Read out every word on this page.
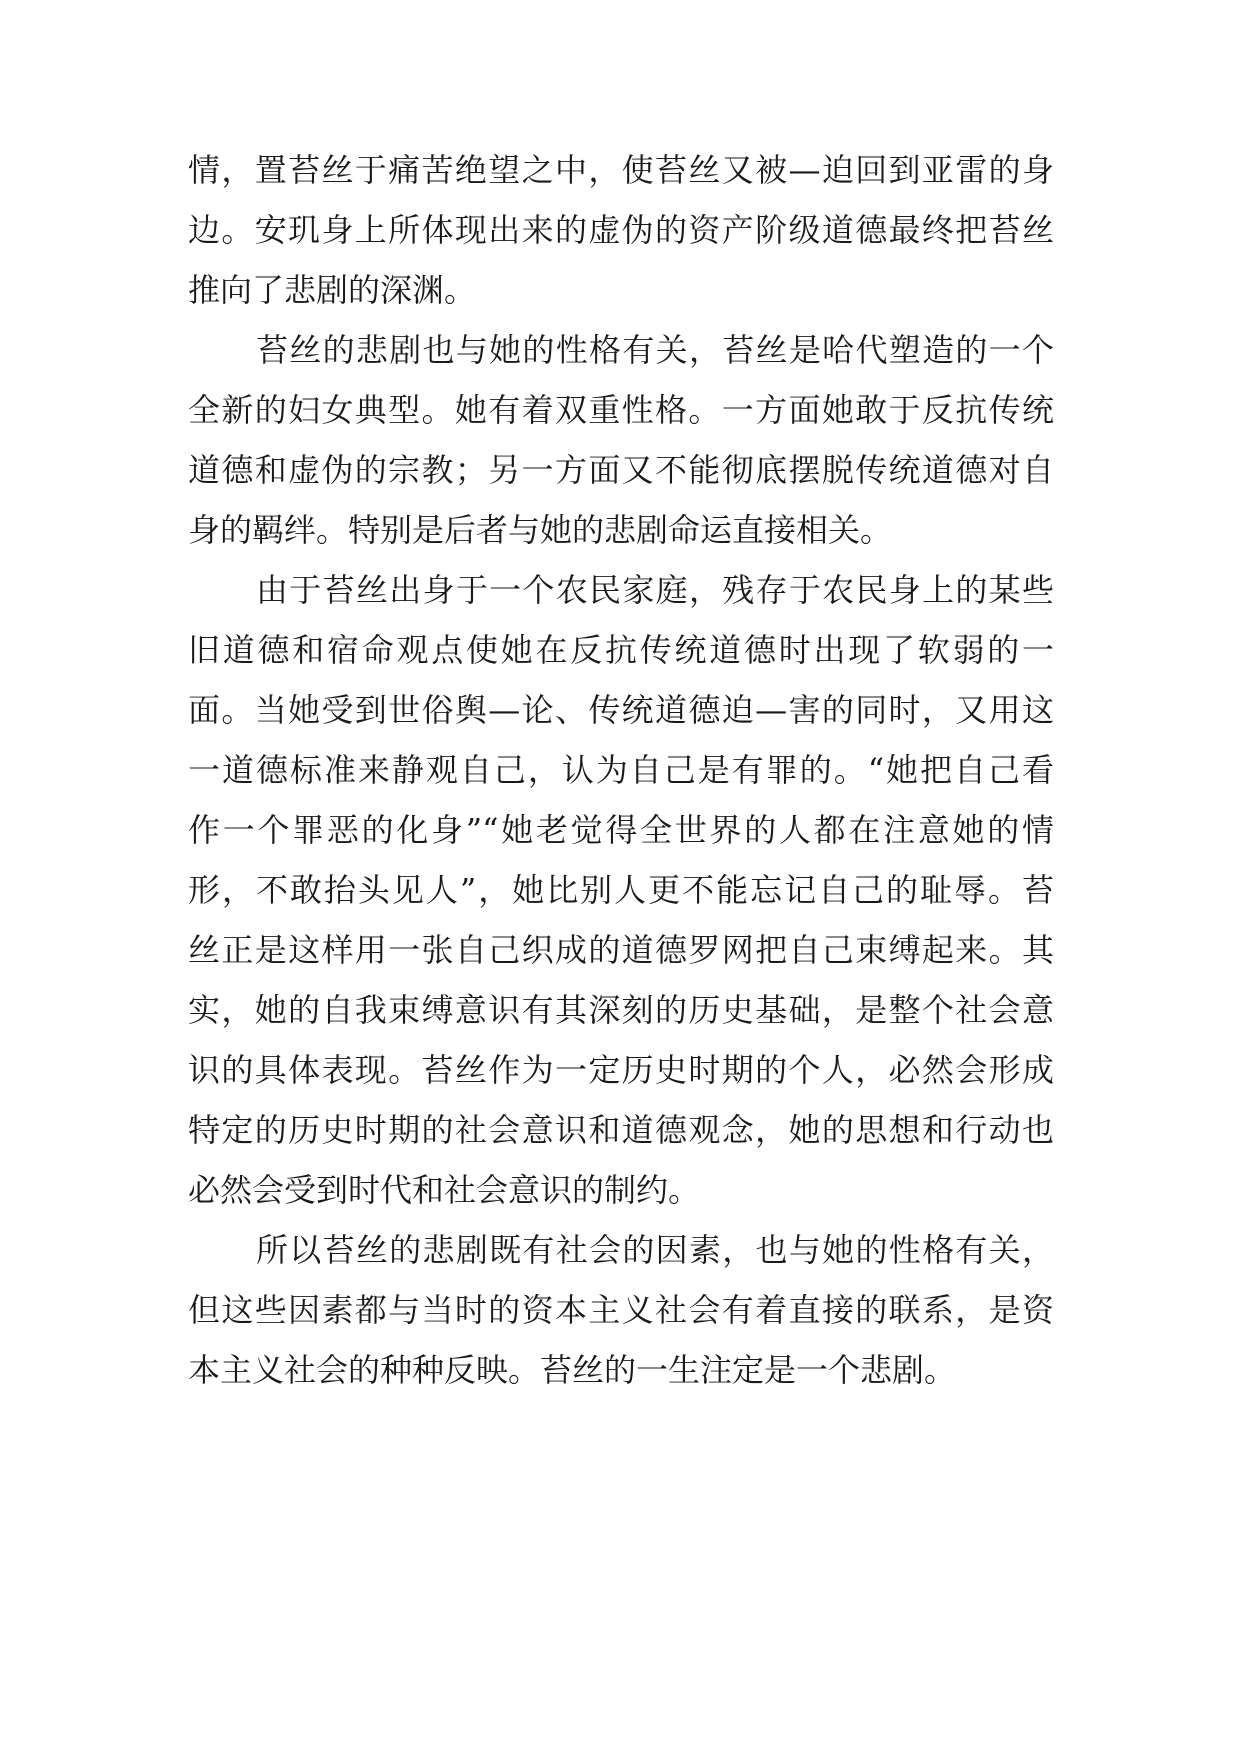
情，置苔丝于痛苦绝望之中，使苔丝又被—迫回到亚雷的身
边。安玑身上所体现出来的虚伪的资产阶级道德最终把苔丝
推向了悲剧的深渊。
苔丝的悲剧也与她的性格有关，苔丝是哈代塑造的一个
全新的妇女典型。她有着双重性格。一方面她敢于反抗传统
道德和虚伪的宗教；另一方面又不能彻底摆脱传统道德对自
身的羁绊。特别是后者与她的悲剧命运直接相关。
由于苔丝出身于一个农民家庭，残存于农民身上的某些
旧道德和宿命观点使她在反抗传统道德时出现了软弱的一
面。当她受到世俗舆—论、传统道德迫—害的同时，又用这
一道德标准来静观自己，认为自己是有罪的。“她把自己看
作一个罪恶的化身”“她老觉得全世界的人都在注意她的情
形，不敢抬头见人”，她比别人更不能忘记自己的耻辱。苔
丝正是这样用一张自己织成的道德罗网把自己束缚起来。其
实，她的自我束缚意识有其深刻的历史基础，是整个社会意
识的具体表现。苔丝作为一定历史时期的个人，必然会形成
特定的历史时期的社会意识和道德观念，她的思想和行动也
必然会受到时代和社会意识的制约。
所以苔丝的悲剧既有社会的因素，也与她的性格有关，
但这些因素都与当时的资本主义社会有着直接的联系，是资
本主义社会的种种反映。苔丝的一生注定是一个悲剧。
